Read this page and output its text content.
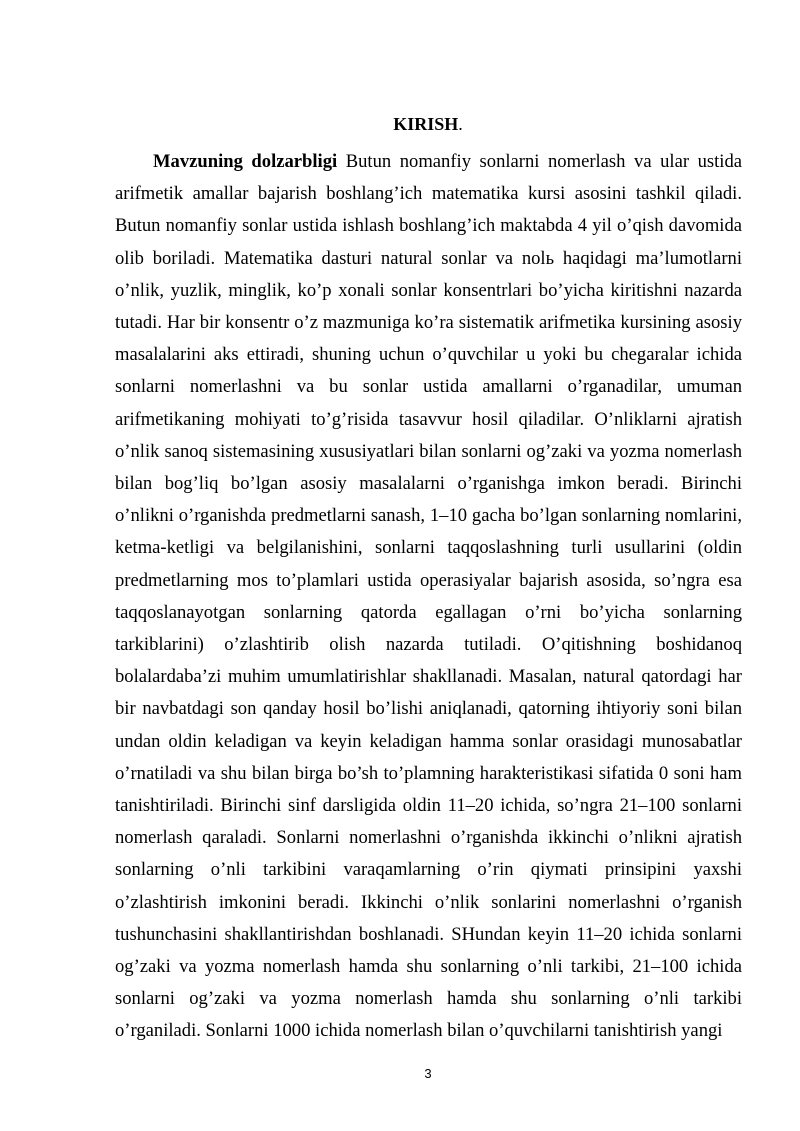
KIRISH.
Mavzuning dolzarbligi Butun nomanfiy sonlarni nomerlash va ular ustida arifmetik amallar bajarish boshlang’ich matematika kursi asosini tashkil qiladi. Butun nomanfiy sonlar ustida ishlash boshlang’ich maktabda 4 yil o’qish davomida olib boriladi. Matematika dasturi natural sonlar va nolь haqidagi ma’lumotlarni o’nlik, yuzlik, minglik, ko’p xonali sonlar konsentrlari bo’yicha kiritishni nazarda tutadi. Har bir konsentr o’z mazmuniga ko’ra sistematik arifmetika kursining asosiy masalalarini aks ettiradi, shuning uchun o’quvchilar u yoki bu chegaralar ichida sonlarni nomerlashni va bu sonlar ustida amallarni o’rganadilar, umuman arifmetikaning mohiyati to’g’risida tasavvur hosil qiladilar. O’nliklarni ajratish o’nlik sanoq sistemasining xususiyatlari bilan sonlarni og’zaki va yozma nomerlash bilan bog’liq bo’lgan asosiy masalalarni o’rganishga imkon beradi. Birinchi o’nlikni o’rganishda predmetlarni sanash, 1–10 gacha bo’lgan sonlarning nomlarini, ketma-ketligi va belgilanishini, sonlarni taqqoslashning turli usullarini (oldin predmetlarning mos to’plamlari ustida operasiyalar bajarish asosida, so’ngra esa taqqoslanayotgan sonlarning qatorda egallagan o’rni bo’yicha sonlarning tarkiblarini) o’zlashtirib olish nazarda tutiladi. O’qitishning boshidanoq bolalardaba’zi muhim umumlatirishlar shakllanadi. Masalan, natural qatordagi har bir navbatdagi son qanday hosil bo’lishi aniqlanadi, qatorning ihtiyoriy soni bilan undan oldin keladigan va keyin keladigan hamma sonlar orasidagi munosabatlar o’rnatiladi va shu bilan birga bo’sh to’plamning harakteristikasi sifatida 0 soni ham tanishtiriladi. Birinchi sinf darsligida oldin 11–20 ichida, so’ngra 21–100 sonlarni nomerlash qaraladi. Sonlarni nomerlashni o’rganishda ikkinchi o’nlikni ajratish sonlarning o’nli tarkibini varaqamlarning o’rin qiymati prinsipini yaxshi o’zlashtirish imkonini beradi. Ikkinchi o’nlik sonlarini nomerlashni o’rganish tushunchasini shakllantirishdan boshlanadi. SHundan keyin 11–20 ichida sonlarni og’zaki va yozma nomerlash hamda shu sonlarning o’nli tarkibi, 21–100 ichida sonlarni og’zaki va yozma nomerlash hamda shu sonlarning o’nli tarkibi o’rganiladi. Sonlarni 1000 ichida nomerlash bilan o’quvchilarni tanishtirish yangi
3
